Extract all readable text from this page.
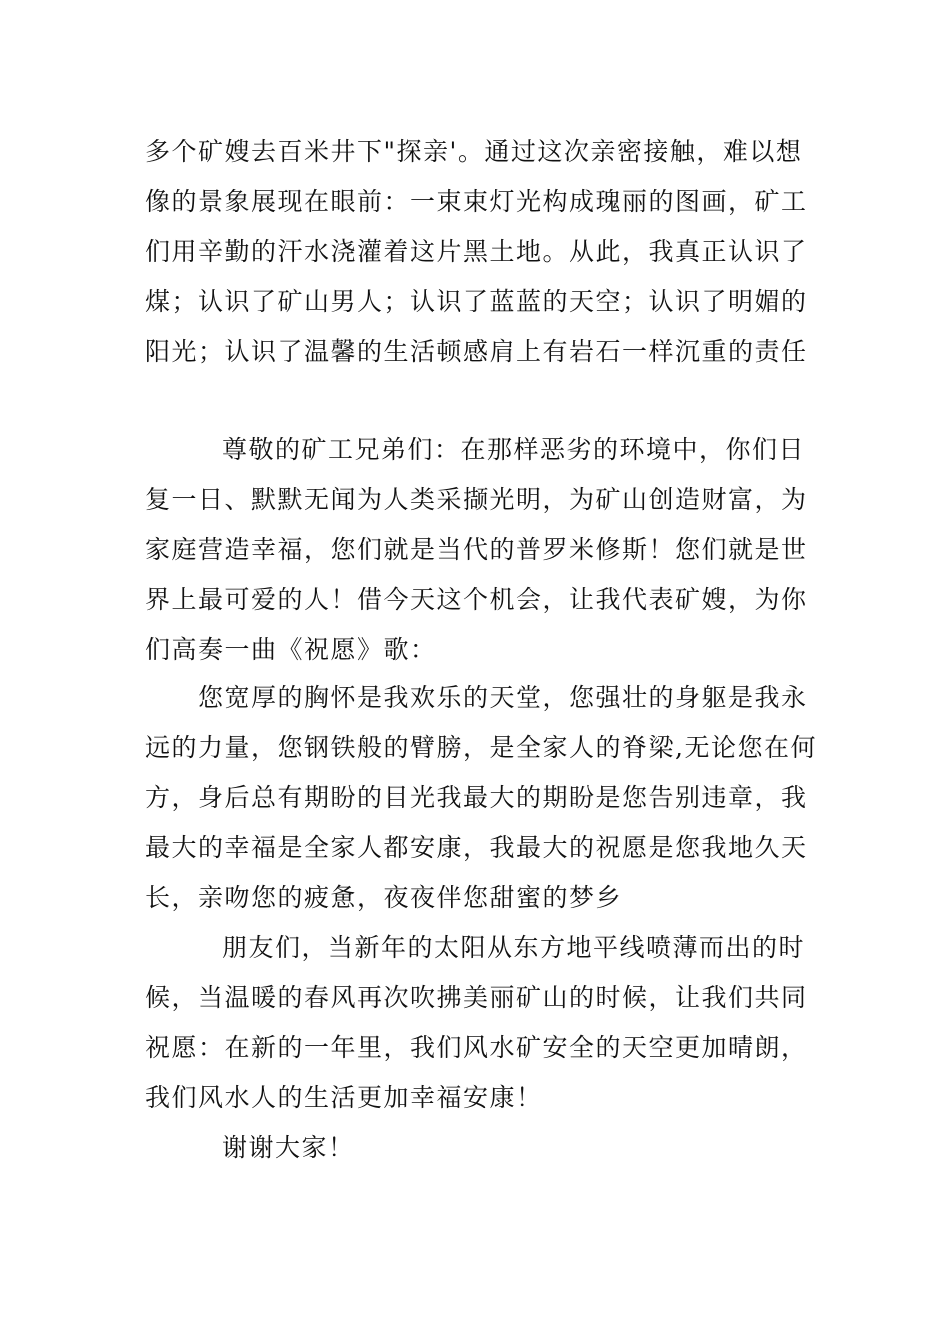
多个矿嫂去百米井下"探亲'。通过这次亲密接触，难以想
像的景象展现在眼前：一束束灯光构成瑰丽的图画，矿工
们用辛勤的汗水浇灌着这片黑土地。从此，我真正认识了
煤；认识了矿山男人；认识了蓝蓝的天空；认识了明媚的
阳光；认识了温馨的生活顿感肩上有岩石一样沉重的责任
尊敬的矿工兄弟们：在那样恶劣的环境中，你们日
复一日、默默无闻为人类采撷光明，为矿山创造财富，为
家庭营造幸福，您们就是当代的普罗米修斯！您们就是世
界上最可爱的人！借今天这个机会，让我代表矿嫂，为你
们高奏一曲《祝愿》歌：
您宽厚的胸怀是我欢乐的天堂，您强壮的身躯是我永
远的力量，您钢铁般的臂膀，是全家人的脊梁,无论您在何
方，身后总有期盼的目光我最大的期盼是您告别违章，我
最大的幸福是全家人都安康，我最大的祝愿是您我地久天
长，亲吻您的疲惫，夜夜伴您甜蜜的梦乡
朋友们，当新年的太阳从东方地平线喷薄而出的时
候，当温暖的春风再次吹拂美丽矿山的时候，让我们共同
祝愿：在新的一年里，我们风水矿安全的天空更加晴朗，
我们风水人的生活更加幸福安康！
谢谢大家！
